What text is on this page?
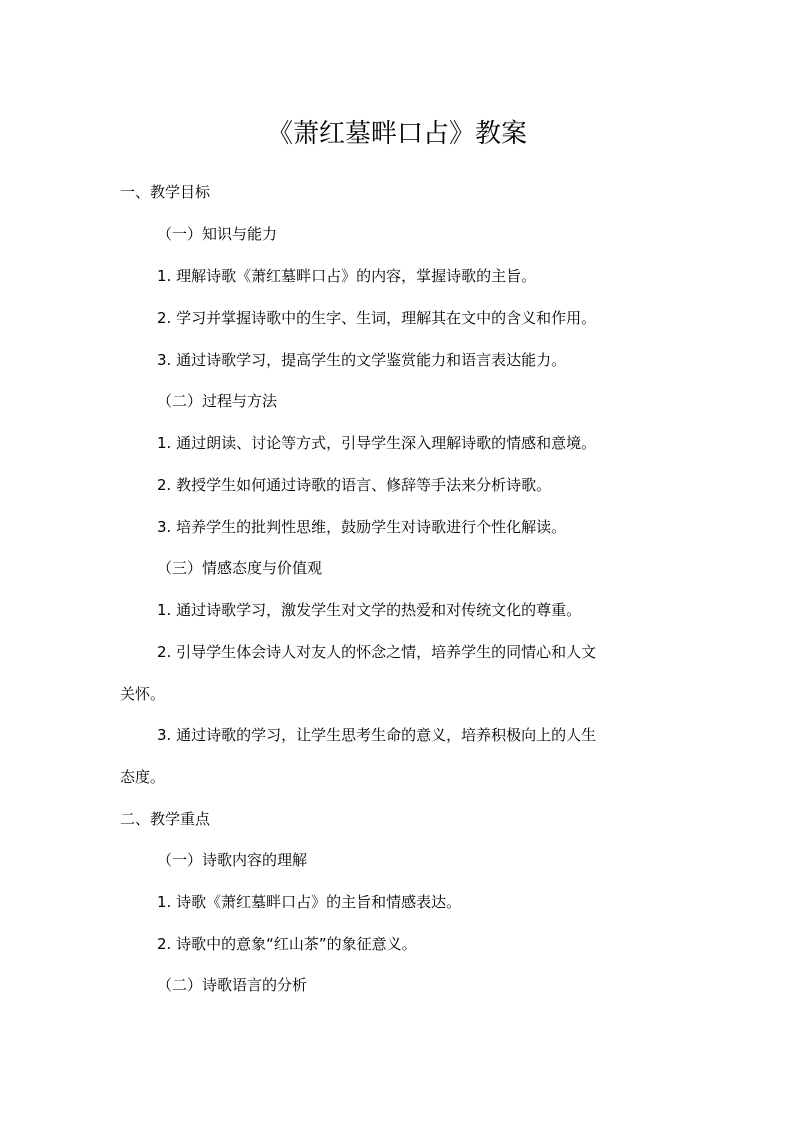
《萧红墓畔口占》教案

一、教学目标

（一）知识与能力

1. 理解诗歌《萧红墓畔口占》的内容，掌握诗歌的主旨。

2. 学习并掌握诗歌中的生字、生词，理解其在文中的含义和作用。

3. 通过诗歌学习，提高学生的文学鉴赏能力和语言表达能力。

（二）过程与方法

1. 通过朗读、讨论等方式，引导学生深入理解诗歌的情感和意境。

2. 教授学生如何通过诗歌的语言、修辞等手法来分析诗歌。

3. 培养学生的批判性思维，鼓励学生对诗歌进行个性化解读。

（三）情感态度与价值观

1. 通过诗歌学习，激发学生对文学的热爱和对传统文化的尊重。

2. 引导学生体会诗人对友人的怀念之情，培养学生的同情心和人文

关怀。

3. 通过诗歌的学习，让学生思考生命的意义，培养积极向上的人生

态度。

二、教学重点

（一）诗歌内容的理解

1. 诗歌《萧红墓畔口占》的主旨和情感表达。

2. 诗歌中的意象“红山茶”的象征意义。

（二）诗歌语言的分析
